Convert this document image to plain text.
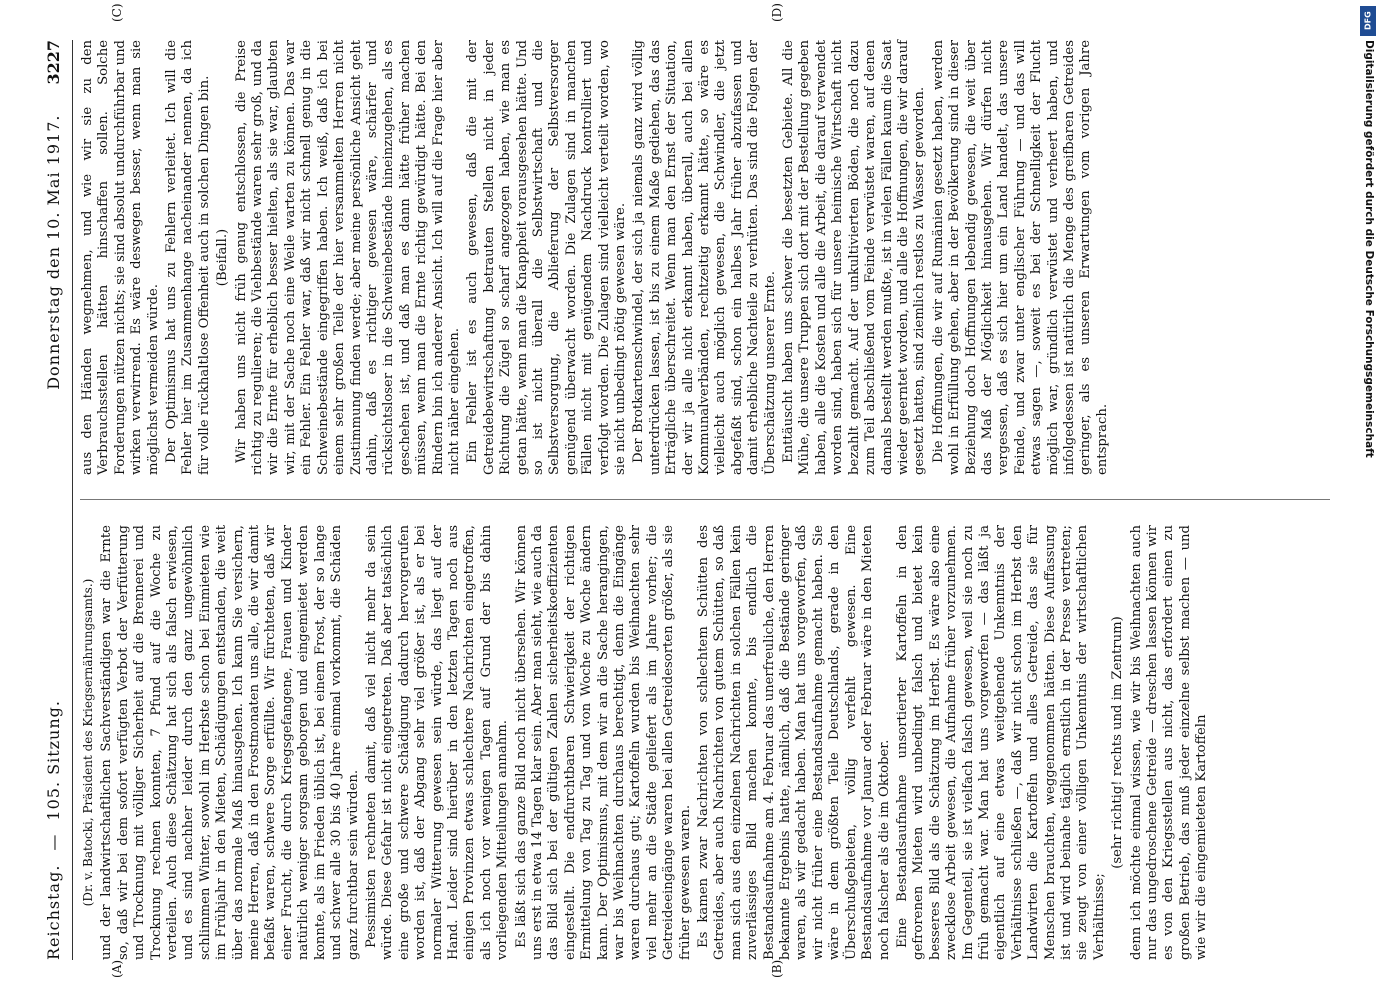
Reichstag.
—
105. Sitzung.
Donnerstag den 10. Mai 1917.
3227
(A)	(B)
(C)	(D)

(Dr. v. Batocki, Präsident des Kriegsernährungsamts.) und der landwirtschaftlichen Sachverständigen war die Ernte so, daß wir bei dem sofort verfügten Verbot der Verfütterung und Trocknung mit völliger Sicherheit auf die Brennerei und Trocknung rechnen konnten, 7 Pfund auf die Woche zu verteilen. Auch diese Schätzung hat sich als falsch erwiesen, und es sind nachher leider durch den ganz ungewöhnlich schlimmen Winter, sowohl im Herbste schon bei Einmieten wie im Frühjahr in den Mieten, Schädigungen entstanden, die weit über das normale Maß hinausgehen. Ich kann Sie versichern, meine Herren, daß in den Frostmonaten uns alle, die wir damit befaßt waren, schwere Sorge erfüllte. Wir fürchteten, daß wir einer Frucht, die durch Kriegsgefangene, Frauen und Kinder natürlich weniger sorgsam geborgen und eingemietet werden konnte, als im Frieden üblich ist, bei einem Frost, der so lange und schwer alle 30 bis 40 Jahre einmal vorkommt, die Schäden ganz furchtbar sein würden. Pessimisten rechneten damit, daß viel nicht mehr da sein würde. Diese Gefahr ist nicht eingetreten. Daß aber tatsächlich eine große und schwere Schädigung dadurch hervorgerufen worden ist, daß der Abgang sehr viel größer ist, als er bei normaler Witterung gewesen sein würde, das liegt auf der Hand. Leider sind hierüber in den letzten Tagen noch aus einigen Provinzen etwas schlechtere Nachrichten eingetroffen, als ich noch vor wenigen Tagen auf Grund der bis dahin vorliegenden Mitteilungen annahm. Es läßt sich das ganze Bild noch nicht übersehen. Wir können uns erst in etwa 14 Tagen klar sein. Aber man sieht, wie auch da das Bild sich bei der gültigen Zahlen sicherheitskoeffizienten eingestellt. Die endfurchtbaren Schwierigkeit der richtigen Ermittelung von Tag zu Tag und von Woche zu Woche ändern kann. Der Optimismus, mit dem wir an die Sache herangingen, war bis Weihnachten durchaus berechtigt, denn die Eingänge waren durchaus gut; Kartoffeln wurden bis Weihnachten sehr viel mehr an die Städte geliefert als im Jahre vorher; die Getreideeingänge waren bei allen Getreidesorten größer, als sie früher gewesen waren. Es kamen zwar Nachrichten von schlechtem Schütten des Getreides, aber auch Nachrichten von gutem Schütten, so daß man sich aus den einzelnen Nachrichten in solchen Fällen kein zuverlässiges Bild machen konnte, bis endlich die Bestandsaufnahme am 4. Februar das unerfreuliche, den Herren bekannte Ergebnis hatte, nämlich, daß die Bestände geringer waren, als wir gedacht haben. Man hat uns vorgeworfen, daß wir nicht früher eine Bestandsaufnahme gemacht haben. Sie wäre in dem größten Teile Deutschlands, gerade in den Überschußgebieten, völlig verfehlt gewesen. Eine Bestandsaufnahme vor Januar oder Februar wäre in den Mieten noch falscher als die im Oktober. Eine Bestandsaufnahme unsortierter Kartoffeln in den gefrorenen Mieten wird unbedingt falsch und bietet kein besseres Bild als die Schätzung im Herbst. Es wäre also eine zwecklose Arbeit gewesen, die Aufnahme früher vorzunehmen. Im Gegenteil, sie ist vielfach falsch gewesen, weil sie noch zu früh gemacht war. Man hat uns vorgeworfen — das läßt ja eigentlich auf eine etwas weitgehende Unkenntnis der Verhältnisse schließen —, daß wir nicht schon im Herbst den Landwirten die Kartoffeln und alles Getreide, das sie für Menschen brauchten, weggenommen hätten. Diese Auffassung ist und wird beinahe täglich ernstlich in der Presse vertreten; sie zeugt von einer völligen Unkenntnis der wirtschaftlichen Verhältnisse;

(sehr richtig! rechts und im Zentrum) denn ich möchte einmal wissen, wie wir bis Weihnachten auch nur das ungedroschene Getreide — dreschen lassen können wir es von den Kriegsstellen aus nicht, das erfordert einen zu großen Betrieb, das muß jeder einzelne selbst machen — und wie wir die eingemieteten Kartoffeln

aus den Händen wegnehmen, und wie wir sie zu den Verbrauchsstellen hätten hinschaffen sollen. Solche Forderungen nützen nichts; sie sind absolut undurchführbar und wirken verwirrend. Es wäre deswegen besser, wenn man sie möglichst vermeiden würde. Der Optimismus hat uns zu Fehlern verleitet. Ich will die Fehler hier im Zusammenhange nacheinander nennen, da ich für volle rückhaltlose Offenheit auch in solchen Dingen bin. (Beifall.) Wir haben uns nicht früh genug entschlossen, die Preise richtig zu regulieren; die Viehbestände waren sehr groß, und da wir die Ernte für erheblich besser hielten, als sie war, glaubten wir, mit der Sache noch eine Weile warten zu können. Das war ein Fehler. Ein Fehler war, daß wir nicht schnell genug in die Schweinebestände eingegriffen haben. Ich weiß, daß ich bei einem sehr großen Teile der hier versammelten Herren nicht Zustimmung finden werde; aber meine persönliche Ansicht geht dahin, daß es richtiger gewesen wäre, schärfer und rücksichtsloser in die Schweinebestände hineinzugehen, als es geschehen ist, und daß man es dann hätte früher machen müssen, wenn man die Ernte richtig gewürdigt hätte. Bei den Rindern bin ich anderer Ansicht. Ich will auf die Frage hier aber nicht näher eingehen. Ein Fehler ist es auch gewesen, daß die mit der Getreidebewirtschaftung betrauten Stellen nicht in jeder Richtung die Zügel so scharf angezogen haben, wie man es getan hätte, wenn man die Knappheit vorausgesehen hätte. Und so ist nicht überall die Selbstwirtschaft und die Selbstversorgung, die Ablieferung der Selbstversorger genügend überwacht worden. Die Zulagen sind in manchen Fällen nicht mit genügendem Nachdruck kontrolliert und verfolgt worden. Die Zulagen sind vielleicht verteilt worden, wo sie nicht unbedingt nötig gewesen wäre. Der Brotkartenschwindel, der sich ja niemals ganz wird völlig unterdrücken lassen, ist bis zu einem Maße gediehen, das das Erträgliche überschreitet. Wenn man den Ernst der Situation, der wir ja alle nicht erkannt haben, überall, auch bei allen Kommunalverbänden, rechtzeitig erkannt hätte, so wäre es vielleicht auch möglich gewesen, die Schwindler, die jetzt abgefaßt sind, schon ein halbes Jahr früher abzufassen und damit erhebliche Nachteile zu verhüten. Das sind die Folgen der Überschätzung unserer Ernte. Enttäuscht haben uns schwer die besetzten Gebiete. All die Mühe, die unsere Truppen sich dort mit der Bestellung gegeben haben, alle die Kosten und alle die Arbeit, die darauf verwendet worden sind, haben sich für unsere heimische Wirtschaft nicht bezahlt gemacht. Auf der unkultivierten Böden, die noch dazu zum Teil abschließend vom Feinde verwüstet waren, auf denen damals bestellt werden mußte, ist in vielen Fällen kaum die Saat wieder geerntet worden, und alle die Hoffnungen, die wir darauf gesetzt hatten, sind ziemlich restlos zu Wasser geworden. Die Hoffnungen, die wir auf Rumänien gesetzt haben, werden wohl in Erfüllung gehen, aber in der Bevölkerung sind in dieser Beziehung doch Hoffnungen lebendig gewesen, die weit über das Maß der Möglichkeit hinausgehen. Wir dürfen nicht vergessen, daß es sich hier um ein Land handelt, das unsere Feinde, und zwar unter englischer Führung — und das will etwas sagen —, soweit es bei der Schnelligkeit der Flucht möglich war, gründlich verwüstet und verheert haben, und infolgedessen ist natürlich die Menge des greifbaren Getreides geringer, als es unseren Erwartungen vom vorigen Jahre entsprach.

DFG
Digitalisierung gefördert durch die Deutsche Forschungsgemeinschaft
